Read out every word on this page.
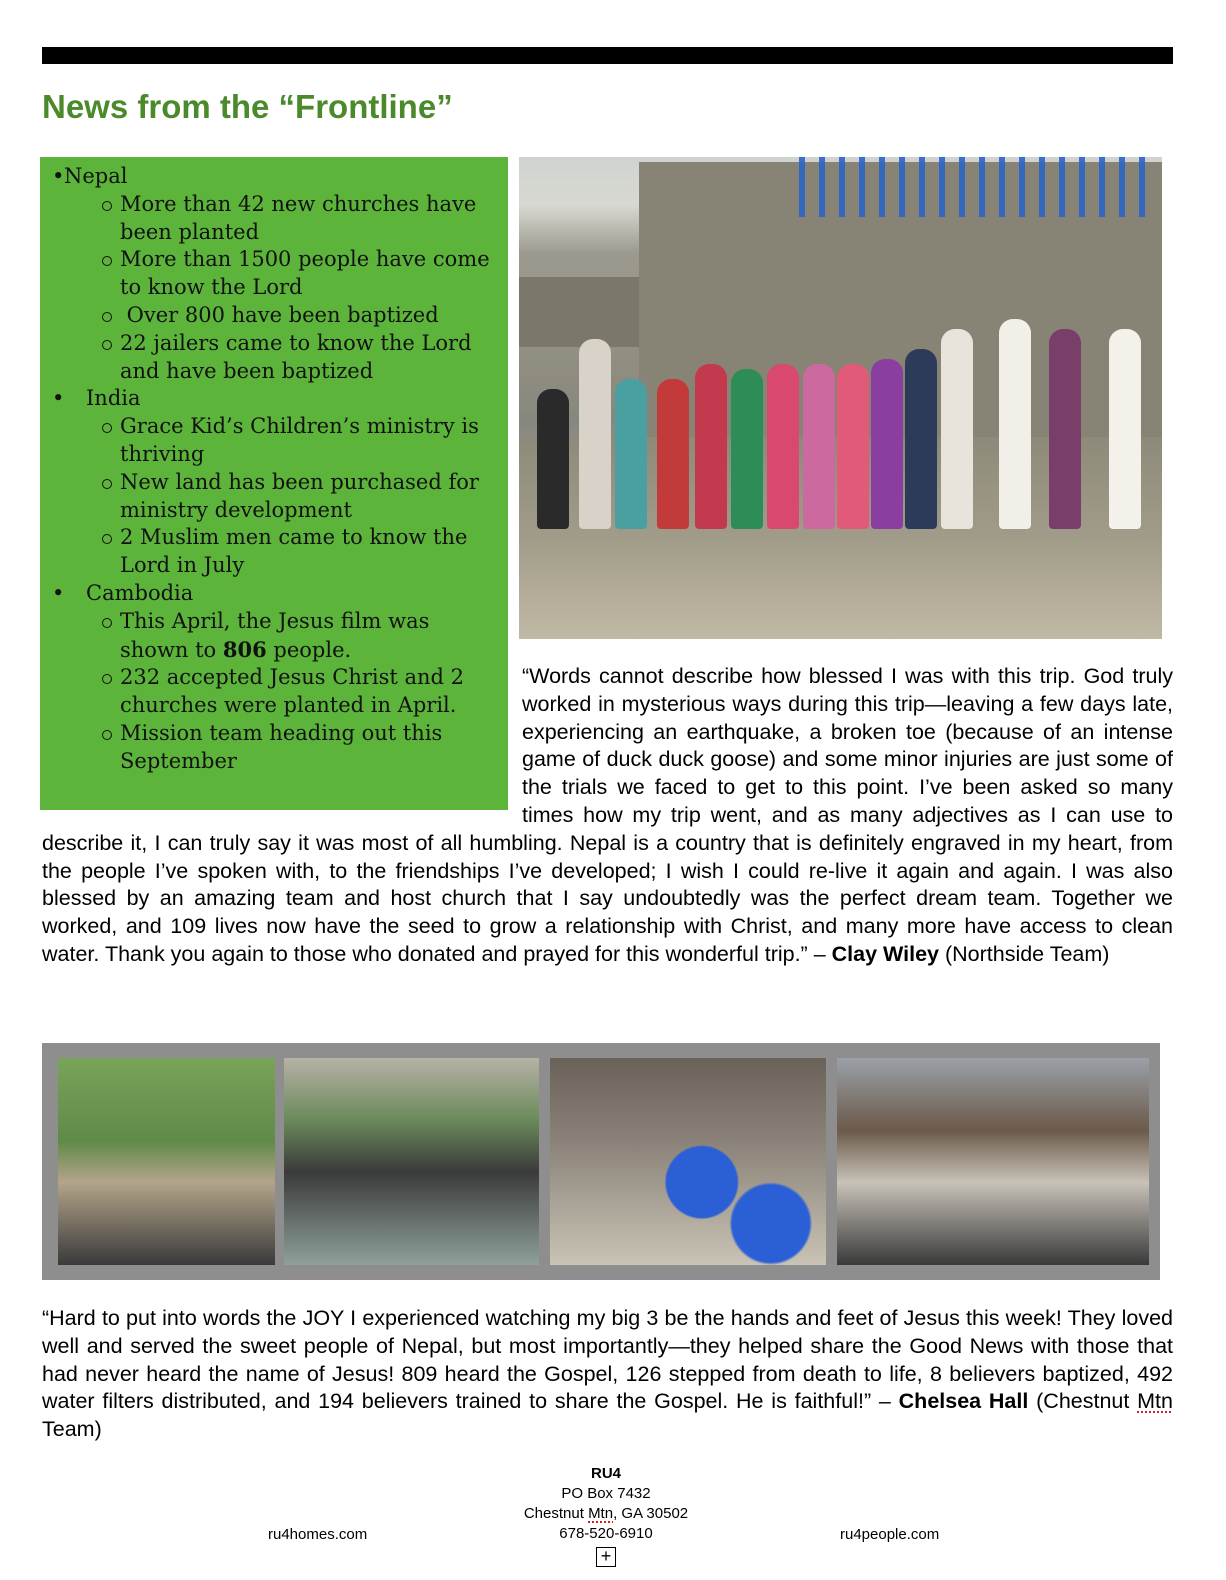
News from the “Frontline”
• Nepal
More than 42 new churches have been planted
More than 1500 people have come to know the Lord
Over 800 have been baptized
22 jailers came to know the Lord and have been baptized
• India
Grace Kid’s Children’s ministry is thriving
New land has been purchased for ministry development
2 Muslim men came to know the Lord in July
• Cambodia
This April, the Jesus film was shown to 806 people.
232 accepted Jesus Christ and 2 churches were planted in April.
Mission team heading out this September
“Words cannot describe how blessed I was with this trip. God truly worked in mysterious ways during this trip—leaving a few days late, experiencing an earthquake, a broken toe (because of an intense game of duck duck goose) and some minor injuries are just some of the trials we faced to get to this point. I’ve been asked so many times how my trip went, and as many adjectives as I can use to describe it, I can truly say it was most of all humbling. Nepal is a country that is definitely engraved in my heart, from the people I’ve spoken with, to the friendships I’ve developed; I wish I could re-live it again and again. I was also blessed by an amazing team and host church that I say undoubtedly was the perfect dream team. Together we worked, and 109 lives now have the seed to grow a relationship with Christ, and many more have access to clean water. Thank you again to those who donated and prayed for this wonderful trip.” – Clay Wiley (Northside Team)
“Hard to put into words the JOY I experienced watching my big 3 be the hands and feet of Jesus this week! They loved well and served the sweet people of Nepal, but most importantly—they helped share the Good News with those that had never heard the name of Jesus! 809 heard the Gospel, 126 stepped from death to life, 8 believers baptized, 492 water filters distributed, and 194 believers trained to share the Gospel. He is faithful!” – Chelsea Hall (Chestnut Mtn Team)
RU4
PO Box 7432
Chestnut Mtn, GA 30502
678-520-6910
ru4homes.com	ru4people.com
+
